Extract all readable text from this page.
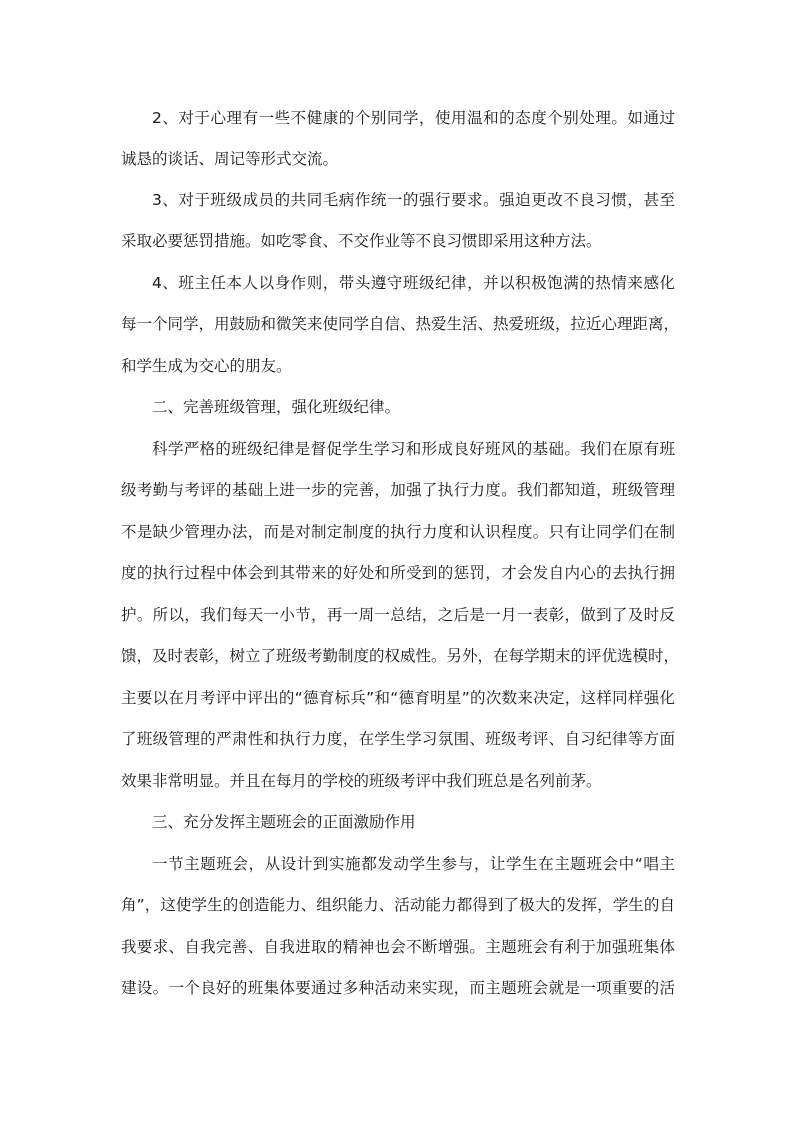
2、对于心理有一些不健康的个别同学，使用温和的态度个别处理。如通过
诚恳的谈话、周记等形式交流。
3、对于班级成员的共同毛病作统一的强行要求。强迫更改不良习惯，甚至
采取必要惩罚措施。如吃零食、不交作业等不良习惯即采用这种方法。
4、班主任本人以身作则，带头遵守班级纪律，并以积极饱满的热情来感化
每一个同学，用鼓励和微笑来使同学自信、热爱生活、热爱班级，拉近心理距离，
和学生成为交心的朋友。
二、完善班级管理，强化班级纪律。
科学严格的班级纪律是督促学生学习和形成良好班风的基础。我们在原有班
级考勤与考评的基础上进一步的完善，加强了执行力度。我们都知道，班级管理
不是缺少管理办法，而是对制定制度的执行力度和认识程度。只有让同学们在制
度的执行过程中体会到其带来的好处和所受到的惩罚，才会发自内心的去执行拥
护。所以，我们每天一小节，再一周一总结，之后是一月一表彰，做到了及时反
馈，及时表彰，树立了班级考勤制度的权威性。另外，在每学期末的评优选模时，
主要以在月考评中评出的“德育标兵”和“德育明星”的次数来决定，这样同样强化
了班级管理的严肃性和执行力度，在学生学习氛围、班级考评、自习纪律等方面
效果非常明显。并且在每月的学校的班级考评中我们班总是名列前茅。
三、充分发挥主题班会的正面激励作用
一节主题班会，从设计到实施都发动学生参与，让学生在主题班会中“唱主
角”，这使学生的创造能力、组织能力、活动能力都得到了极大的发挥，学生的自
我要求、自我完善、自我进取的精神也会不断增强。主题班会有利于加强班集体
建设。一个良好的班集体要通过多种活动来实现，而主题班会就是一项重要的活
